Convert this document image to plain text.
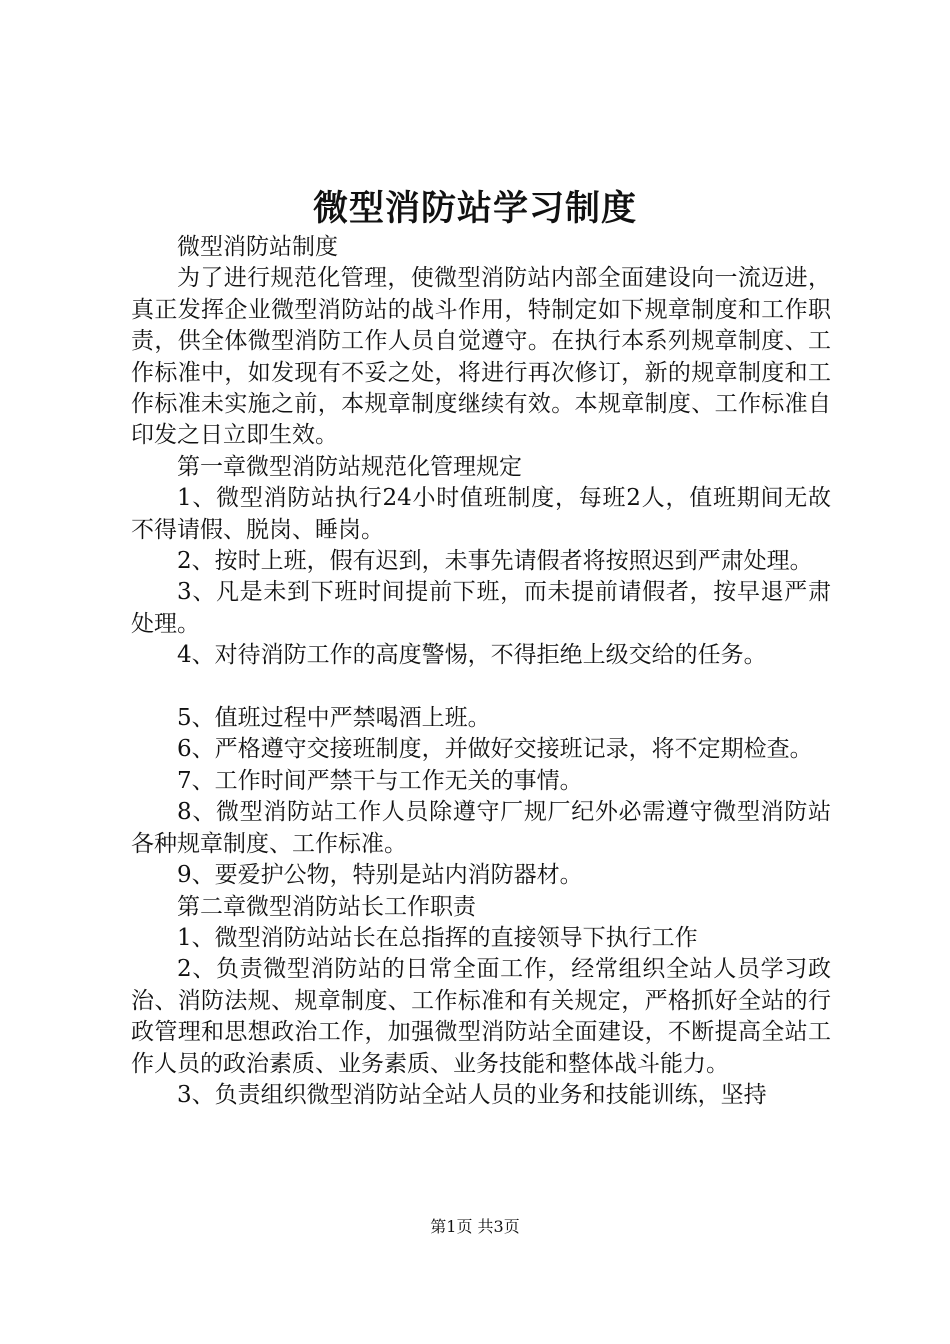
微型消防站学习制度

微型消防站制度

为了进行规范化管理，使微型消防站内部全面建设向一流迈进，真正发挥企业微型消防站的战斗作用，特制定如下规章制度和工作职责，供全体微型消防工作人员自觉遵守。在执行本系列规章制度、工作标准中，如发现有不妥之处，将进行再次修订，新的规章制度和工作标准未实施之前，本规章制度继续有效。本规章制度、工作标准自印发之日立即生效。

第一章微型消防站规范化管理规定

1、微型消防站执行24小时值班制度，每班2人，值班期间无故不得请假、脱岗、睡岗。

2、按时上班，假有迟到，未事先请假者将按照迟到严肃处理。

3、凡是未到下班时间提前下班，而未提前请假者，按早退严肃处理。

4、对待消防工作的高度警惕，不得拒绝上级交给的任务。

5、值班过程中严禁喝酒上班。

6、严格遵守交接班制度，并做好交接班记录，将不定期检查。

7、工作时间严禁干与工作无关的事情。

8、微型消防站工作人员除遵守厂规厂纪外必需遵守微型消防站各种规章制度、工作标准。

9、要爱护公物，特别是站内消防器材。

第二章微型消防站长工作职责

1、微型消防站站长在总指挥的直接领导下执行工作

2、负责微型消防站的日常全面工作，经常组织全站人员学习政治、消防法规、规章制度、工作标准和有关规定，严格抓好全站的行政管理和思想政治工作，加强微型消防站全面建设，不断提高全站工作人员的政治素质、业务素质、业务技能和整体战斗能力。

3、负责组织微型消防站全站人员的业务和技能训练，坚持

第1页 共3页
